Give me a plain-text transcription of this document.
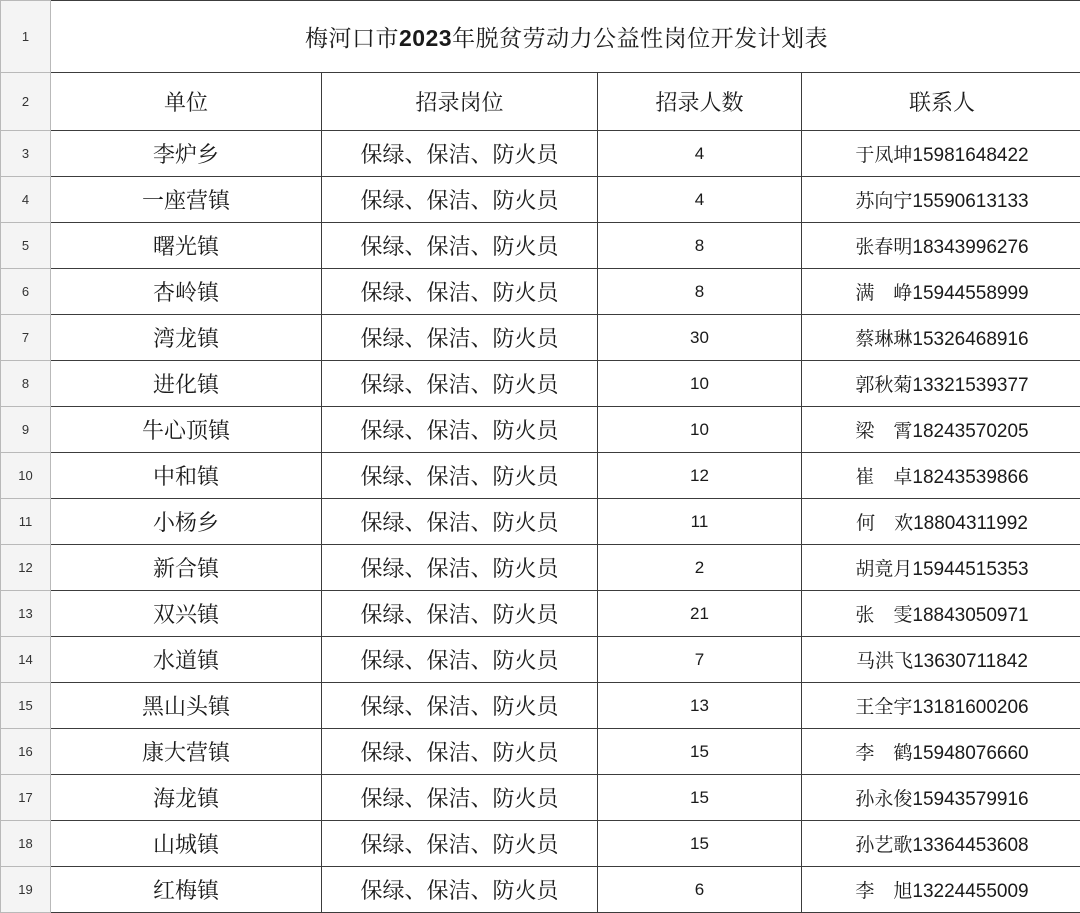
1	梅河口市2023年脱贫劳动力公益性岗位开发计划表			
2	单位	招录岗位	招录人数	联系人
3	李炉乡	保绿、保洁、防火员	4	于凤坤15981648422
4	一座营镇	保绿、保洁、防火员	4	苏向宁15590613133
5	曙光镇	保绿、保洁、防火员	8	张春明18343996276
6	杏岭镇	保绿、保洁、防火员	8	满　峥15944558999
7	湾龙镇	保绿、保洁、防火员	30	蔡琳琳15326468916
8	进化镇	保绿、保洁、防火员	10	郭秋菊13321539377
9	牛心顶镇	保绿、保洁、防火员	10	梁　霄18243570205
10	中和镇	保绿、保洁、防火员	12	崔　卓18243539866
11	小杨乡	保绿、保洁、防火员	11	何　欢18804311992
12	新合镇	保绿、保洁、防火员	2	胡竟月15944515353
13	双兴镇	保绿、保洁、防火员	21	张　雯18843050971
14	水道镇	保绿、保洁、防火员	7	马洪飞13630711842
15	黑山头镇	保绿、保洁、防火员	13	王全宇13181600206
16	康大营镇	保绿、保洁、防火员	15	李　鹤15948076660
17	海龙镇	保绿、保洁、防火员	15	孙永俊15943579916
18	山城镇	保绿、保洁、防火员	15	孙艺歌13364453608
19	红梅镇	保绿、保洁、防火员	6	李　旭13224455009
